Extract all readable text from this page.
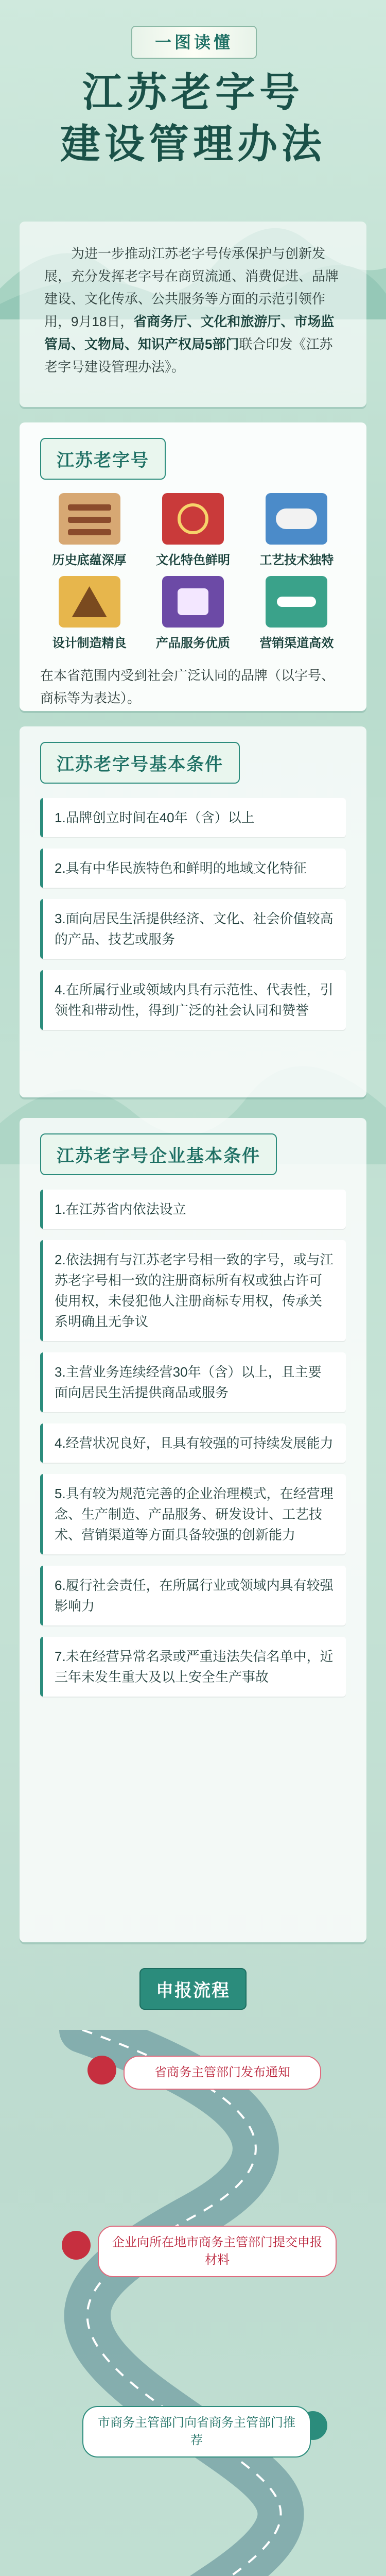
一图读懂
江苏老字号
建设管理办法

为进一步推动江苏老字号传承保护与创新发展，充分发挥老字号在商贸流通、消费促进、品牌建设、文化传承、公共服务等方面的示范引领作用，9月18日，省商务厅、文化和旅游厅、市场监管局、文物局、知识产权局5部门联合印发《江苏老字号建设管理办法》。

江苏老字号
历史底蕴深厚	文化特色鲜明	工艺技术独特
设计制造精良	产品服务优质	营销渠道高效

在本省范围内受到社会广泛认同的品牌（以字号、商标等为表达）。

江苏老字号基本条件
1.品牌创立时间在40年（含）以上
2.具有中华民族特色和鲜明的地域文化特征
3.面向居民生活提供经济、文化、社会价值较高的产品、技艺或服务
4.在所属行业或领域内具有示范性、代表性，引领性和带动性，得到广泛的社会认同和赞誉
江苏老字号企业基本条件
1.在江苏省内依法设立
2.依法拥有与江苏老字号相一致的字号，或与江苏老字号相一致的注册商标所有权或独占许可使用权，未侵犯他人注册商标专用权，传承关系明确且无争议
3.主营业务连续经营30年（含）以上，且主要面向居民生活提供商品或服务
4.经营状况良好，且具有较强的可持续发展能力
5.具有较为规范完善的企业治理模式，在经营理念、生产制造、产品服务、研发设计、工艺技术、营销渠道等方面具备较强的创新能力
6.履行社会责任，在所属行业或领域内具有较强影响力
7.未在经营异常名录或严重违法失信名单中，近三年未发生重大及以上安全生产事故
申报流程
省商务主管部门发布通知
企业向所在地市商务主管部门提交申报材料
市商务主管部门向省商务主管部门推荐
